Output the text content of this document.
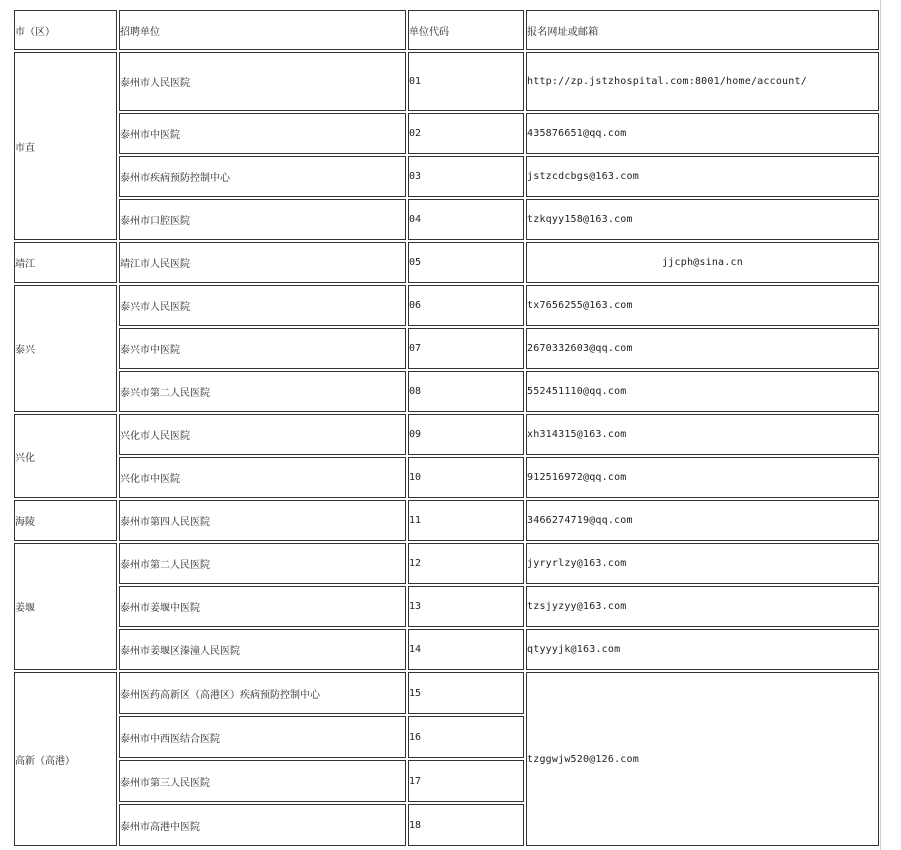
市（区）	招聘单位	单位代码	报名网址或邮箱
市直	泰州市人民医院	01	http://zp.jstzhospital.com:8001/home/account/
	泰州市中医院	02	435876651@qq.com
	泰州市疾病预防控制中心	03	jstzcdcbgs@163.com
	泰州市口腔医院	04	tzkqyy158@163.com
靖江	靖江市人民医院	05	jjcph@sina.cn
泰兴	泰兴市人民医院	06	tx7656255@163.com
	泰兴市中医院	07	2670332603@qq.com
	泰兴市第二人民医院	08	552451110@qq.com
兴化	兴化市人民医院	09	xh314315@163.com
	兴化市中医院	10	912516972@qq.com
海陵	泰州市第四人民医院	11	3466274719@qq.com
姜堰	泰州市第二人民医院	12	jyryrlzy@163.com
	泰州市姜堰中医院	13	tzsjyzyy@163.com
	泰州市姜堰区溱潼人民医院	14	qtyyyjk@163.com
高新（高港）	泰州医药高新区（高港区）疾病预防控制中心	15	tzggwjw520@126.com
	泰州市中西医结合医院	16	
	泰州市第三人民医院	17	
	泰州市高港中医院	18	
